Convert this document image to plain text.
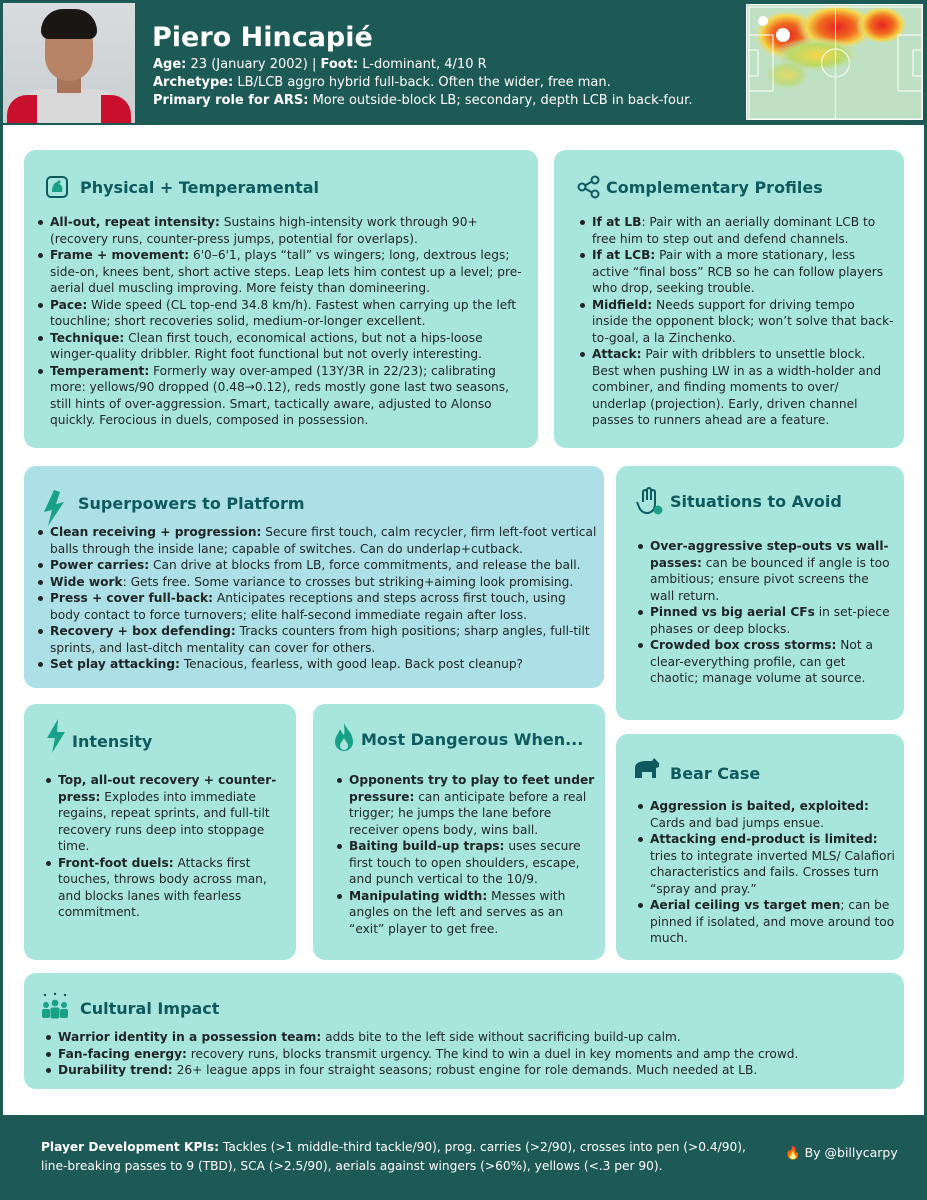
Piero Hincapié
Age: 23 (January 2002) | Foot: L-dominant, 4/10 R
Archetype: LB/LCB aggro hybrid full-back. Often the wider, free man.
Primary role for ARS: More outside-block LB; secondary, depth LCB in back-four.
Physical + Temperamental
All-out, repeat intensity: Sustains high-intensity work through 90+ (recovery runs, counter-press jumps, potential for overlaps).
Frame + movement: 6'0–6'1, plays “tall” vs wingers; long, dextrous legs; side-on, knees bent, short active steps. Leap lets him contest up a level; pre-aerial duel muscling improving. More feisty than domineering.
Pace: Wide speed (CL top-end 34.8 km/h). Fastest when carrying up the left touchline; short recoveries solid, medium-or-longer excellent.
Technique: Clean first touch, economical actions, but not a hips-loose winger-quality dribbler. Right foot functional but not overly interesting.
Temperament: Formerly way over-amped (13Y/3R in 22/23); calibrating more: yellows/90 dropped (0.48→0.12), reds mostly gone last two seasons, still hints of over-aggression. Smart, tactically aware, adjusted to Alonso quickly. Ferocious in duels, composed in possession.
Complementary Profiles
If at LB: Pair with an aerially dominant LCB to free him to step out and defend channels.
If at LCB: Pair with a more stationary, less active “final boss” RCB so he can follow players who drop, seeking trouble.
Midfield: Needs support for driving tempo inside the opponent block; won’t solve that back-to-goal, a la Zinchenko.
Attack: Pair with dribblers to unsettle block. Best when pushing LW in as a width-holder and combiner, and finding moments to over/ underlap (projection). Early, driven channel passes to runners ahead are a feature.
Superpowers to Platform
Clean receiving + progression: Secure first touch, calm recycler, firm left-foot vertical balls through the inside lane; capable of switches. Can do underlap+cutback.
Power carries: Can drive at blocks from LB, force commitments, and release the ball.
Wide work: Gets free. Some variance to crosses but striking+aiming look promising.
Press + cover full-back: Anticipates receptions and steps across first touch, using body contact to force turnovers; elite half-second immediate regain after loss.
Recovery + box defending: Tracks counters from high positions; sharp angles, full-tilt sprints, and last-ditch mentality can cover for others.
Set play attacking: Tenacious, fearless, with good leap. Back post cleanup?
Situations to Avoid
Over-aggressive step-outs vs wall-passes: can be bounced if angle is too ambitious; ensure pivot screens the wall return.
Pinned vs big aerial CFs in set-piece phases or deep blocks.
Crowded box cross storms: Not a clear-everything profile, can get chaotic; manage volume at source.
Intensity
Top, all-out recovery + counter-press: Explodes into immediate regains, repeat sprints, and full-tilt recovery runs deep into stoppage time.
Front-foot duels: Attacks first touches, throws body across man, and blocks lanes with fearless commitment.
Most Dangerous When...
Opponents try to play to feet under pressure: can anticipate before a real trigger; he jumps the lane before receiver opens body, wins ball.
Baiting build-up traps: uses secure first touch to open shoulders, escape, and punch vertical to the 10/9.
Manipulating width: Messes with angles on the left and serves as an “exit” player to get free.
Bear Case
Aggression is baited, exploited: Cards and bad jumps ensue.
Attacking end-product is limited: tries to integrate inverted MLS/ Calafiori characteristics and fails. Crosses turn “spray and pray.”
Aerial ceiling vs target men; can be pinned if isolated, and move around too much.
Cultural Impact
Warrior identity in a possession team: adds bite to the left side without sacrificing build-up calm.
Fan-facing energy: recovery runs, blocks transmit urgency. The kind to win a duel in key moments and amp the crowd.
Durability trend: 26+ league apps in four straight seasons; robust engine for role demands. Much needed at LB.
Player Development KPIs: Tackles (>1 middle-third tackle/90), prog. carries (>2/90), crosses into pen (>0.4/90), line-breaking passes to 9 (TBD), SCA (>2.5/90), aerials against wingers (>60%), yellows (<.3 per 90).
🔥 By @billycarpy
